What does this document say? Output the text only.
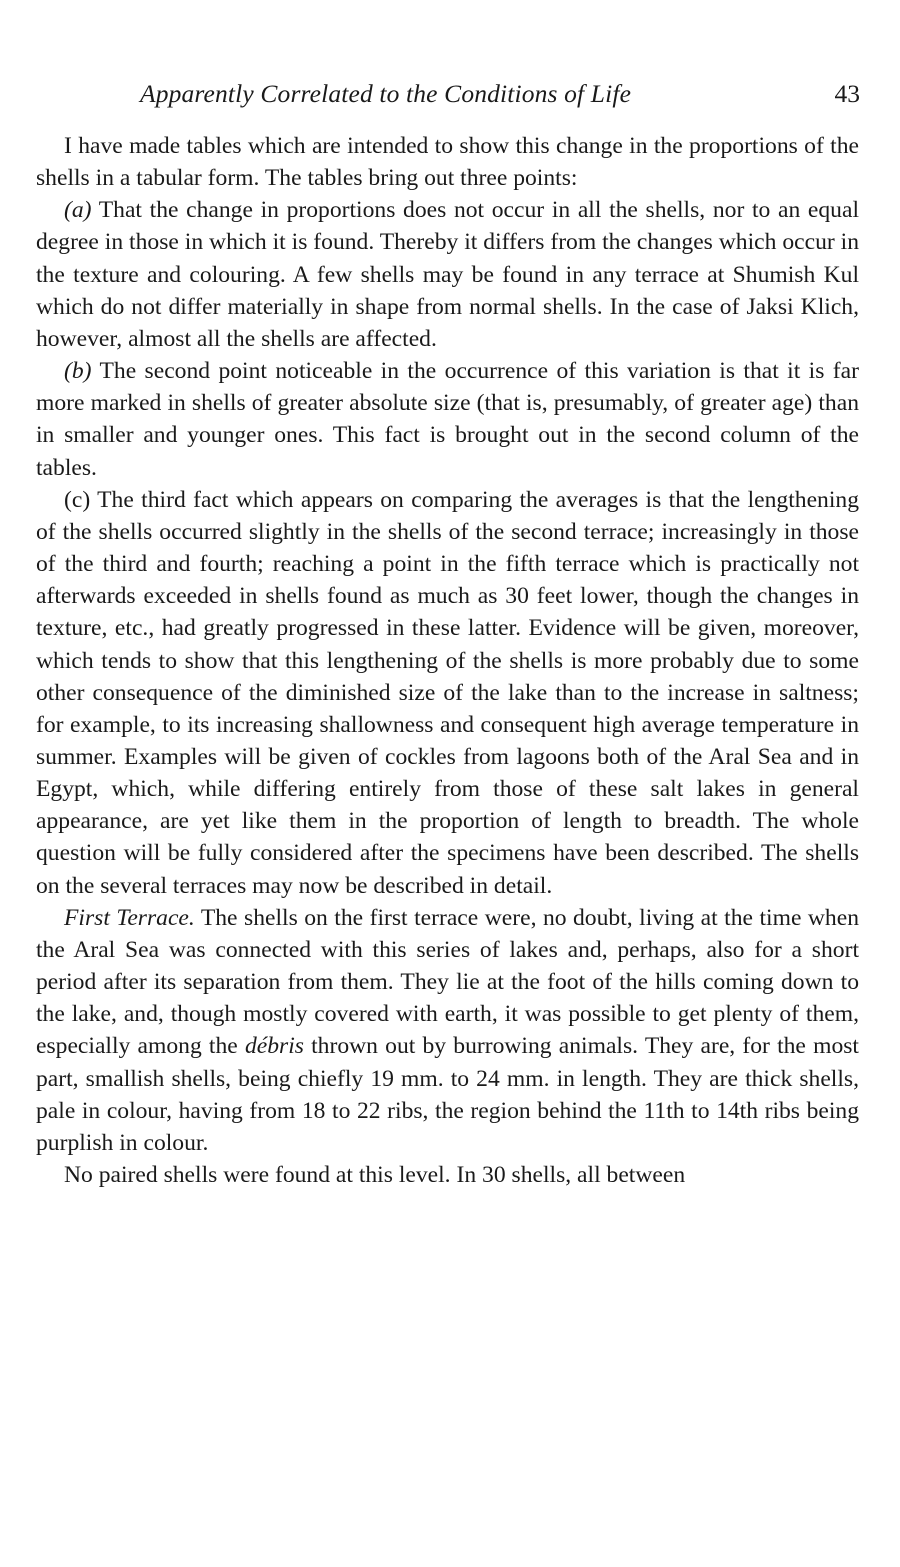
Apparently Correlated to the Conditions of Life	43

I have made tables which are intended to show this change in the proportions of the shells in a tabular form. The tables bring out three points:

(a) That the change in proportions does not occur in all the shells, nor to an equal degree in those in which it is found. Thereby it differs from the changes which occur in the texture and colouring. A few shells may be found in any terrace at Shumish Kul which do not differ materially in shape from normal shells. In the case of Jaksi Klich, however, almost all the shells are affected.

(b) The second point noticeable in the occurrence of this variation is that it is far more marked in shells of greater absolute size (that is, presumably, of greater age) than in smaller and younger ones. This fact is brought out in the second column of the tables.

(c) The third fact which appears on comparing the averages is that the lengthening of the shells occurred slightly in the shells of the second terrace; increasingly in those of the third and fourth; reaching a point in the fifth terrace which is practically not afterwards exceeded in shells found as much as 30 feet lower, though the changes in texture, etc., had greatly progressed in these latter. Evidence will be given, moreover, which tends to show that this lengthening of the shells is more probably due to some other consequence of the diminished size of the lake than to the increase in saltness; for example, to its increasing shallowness and consequent high average temperature in summer. Examples will be given of cockles from lagoons both of the Aral Sea and in Egypt, which, while differing entirely from those of these salt lakes in general appearance, are yet like them in the proportion of length to breadth. The whole question will be fully considered after the specimens have been described. The shells on the several terraces may now be described in detail.

First Terrace. The shells on the first terrace were, no doubt, living at the time when the Aral Sea was connected with this series of lakes and, perhaps, also for a short period after its separation from them. They lie at the foot of the hills coming down to the lake, and, though mostly covered with earth, it was possible to get plenty of them, especially among the débris thrown out by burrowing animals. They are, for the most part, smallish shells, being chiefly 19 mm. to 24 mm. in length. They are thick shells, pale in colour, having from 18 to 22 ribs, the region behind the 11th to 14th ribs being purplish in colour.

No paired shells were found at this level. In 30 shells, all between
